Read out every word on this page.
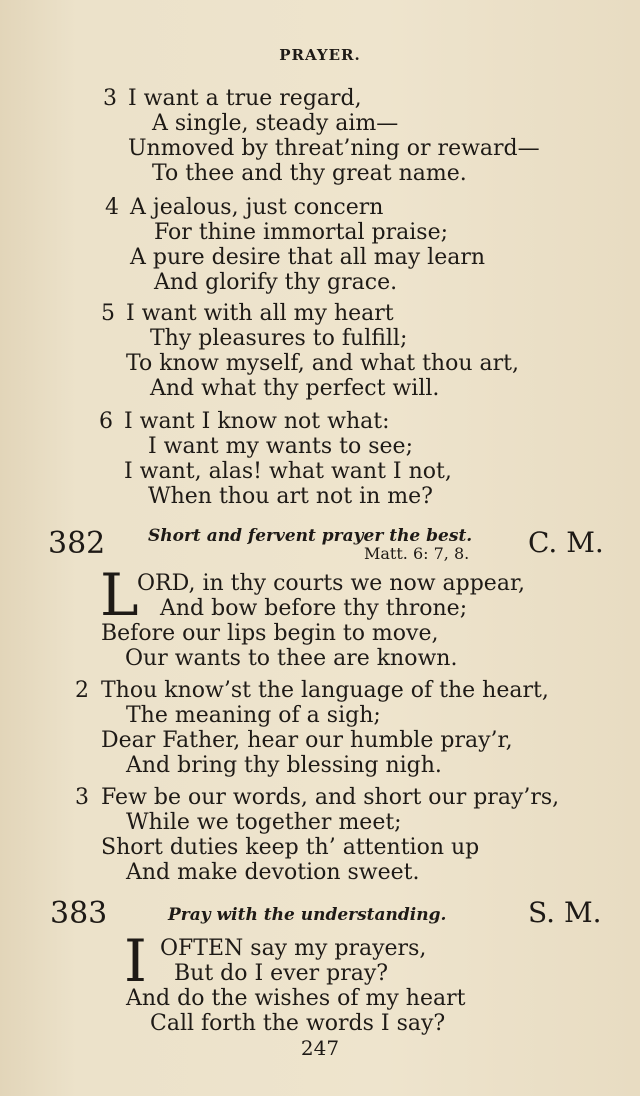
PRAYER.
3 I want a true regard,
A single, steady aim—
Unmoved by threat’ning or reward—
To thee and thy great name.
4 A jealous, just concern
For thine immortal praise;
A pure desire that all may learn
And glorify thy grace.
5 I want with all my heart
Thy pleasures to fulfill;
To know myself, and what thou art,
And what thy perfect will.
6 I want I know not what:
I want my wants to see;
I want, alas! what want I not,
When thou art not in me?
382	Short and fervent prayer the best.
Matt. 6: 7, 8. C. M.
L
ORD, in thy courts we now appear,
And bow before thy throne;
Before our lips begin to move,
Our wants to thee are known.
2 Thou know’st the language of the heart,
The meaning of a sigh;
Dear Father, hear our humble pray’r,
And bring thy blessing nigh.
3 Few be our words, and short our pray’rs,
While we together meet;
Short duties keep th’ attention up
And make devotion sweet.
383	Pray with the understanding.	S. M.
I OFTEN say my prayers,
But do I ever pray?
And do the wishes of my heart
Call forth the words I say?
247
